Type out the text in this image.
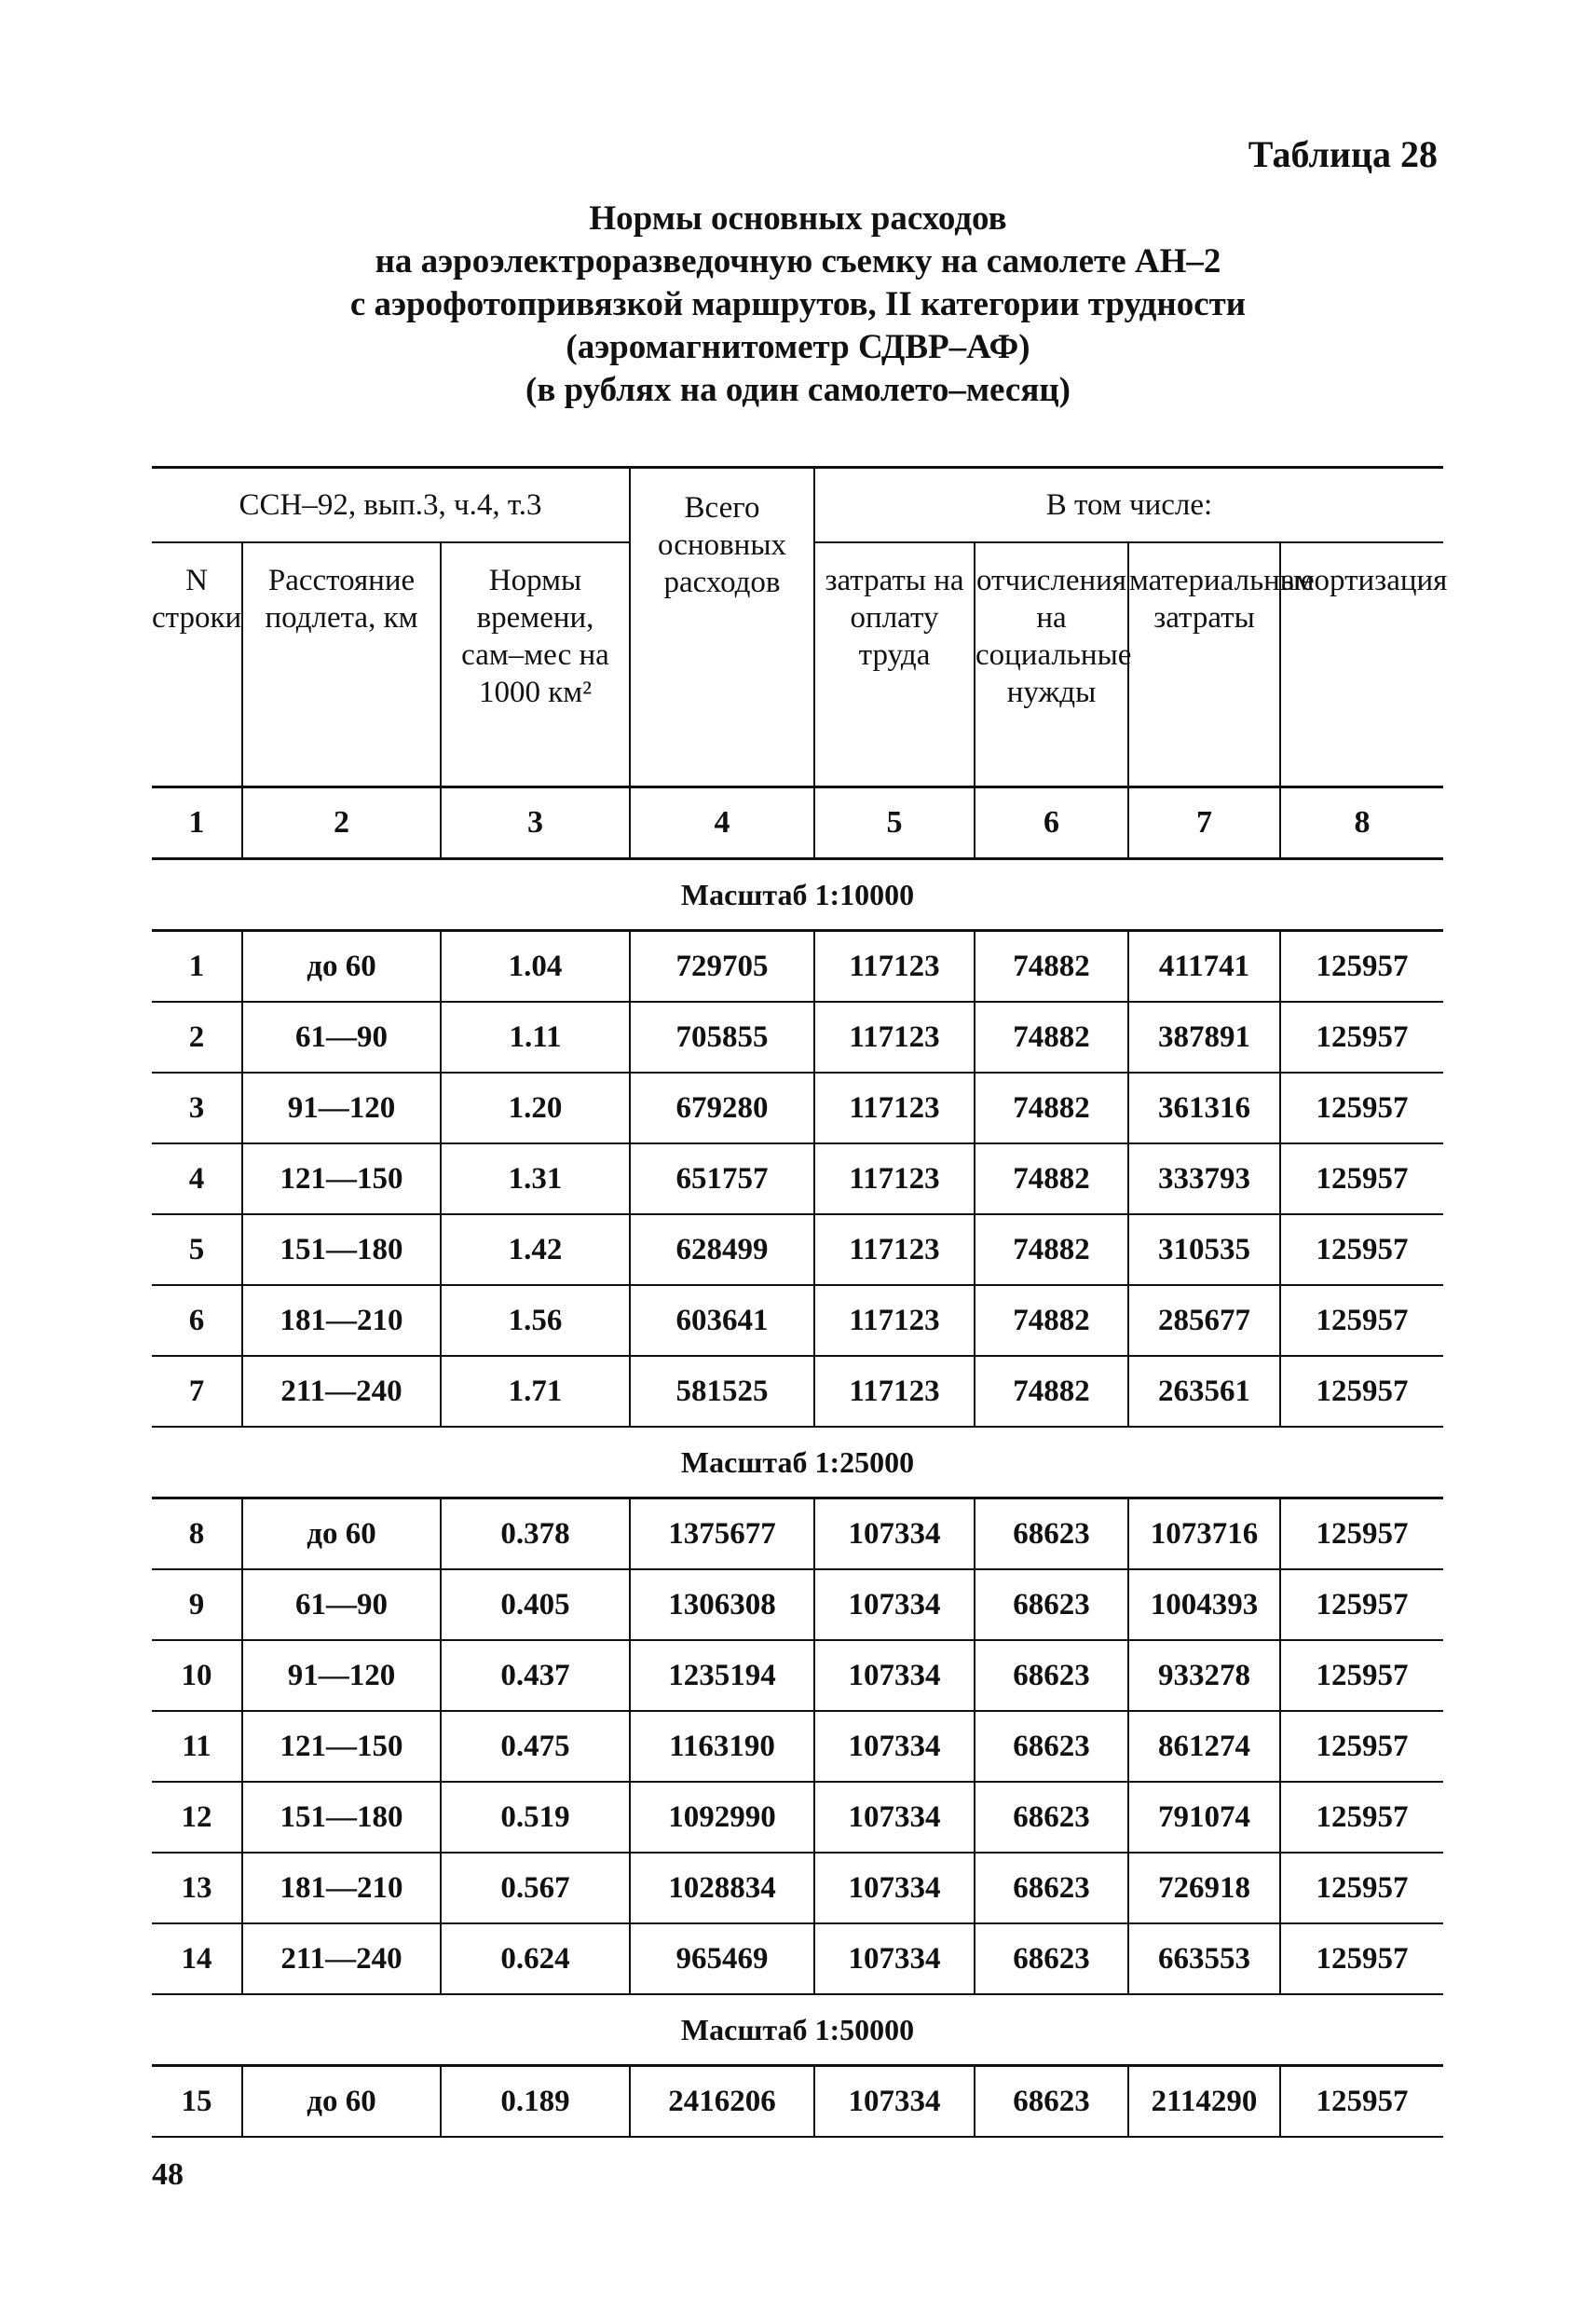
Таблица 28
Нормы основных расходов
на аэроэлектроразведочную съемку на самолете АН–2
с аэрофотопривязкой маршрутов, II категории трудности
(аэромагнитометр СДВР–АФ)
(в рублях на один самолето–месяц)
ССН–92, вып.3, ч.4, т.3			Всего основных расходов	В том числе:			
N строки	Расстояние подлета, км	Нормы времени, сам–мес на 1000 км²		затраты на оплату труда	отчисления на социальные нужды	материальные затраты	амортизация
1	2	3	4	5	6	7	8
Масштаб 1:10000							
1	до 60	1.04	729705	117123	74882	411741	125957
2	61—90	1.11	705855	117123	74882	387891	125957
3	91—120	1.20	679280	117123	74882	361316	125957
4	121—150	1.31	651757	117123	74882	333793	125957
5	151—180	1.42	628499	117123	74882	310535	125957
6	181—210	1.56	603641	117123	74882	285677	125957
7	211—240	1.71	581525	117123	74882	263561	125957
Масштаб 1:25000							
8	до 60	0.378	1375677	107334	68623	1073716	125957
9	61—90	0.405	1306308	107334	68623	1004393	125957
10	91—120	0.437	1235194	107334	68623	933278	125957
11	121—150	0.475	1163190	107334	68623	861274	125957
12	151—180	0.519	1092990	107334	68623	791074	125957
13	181—210	0.567	1028834	107334	68623	726918	125957
14	211—240	0.624	965469	107334	68623	663553	125957
Масштаб 1:50000							
15	до 60	0.189	2416206	107334	68623	2114290	125957
48
